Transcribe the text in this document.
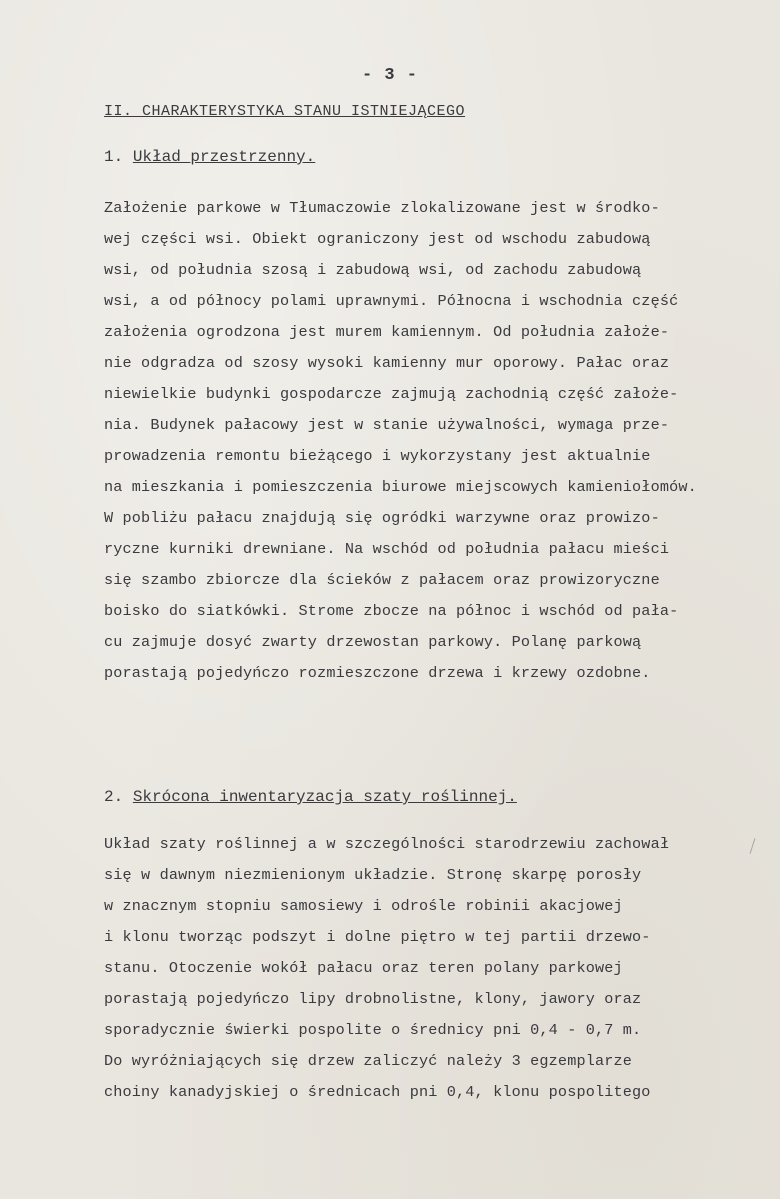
- 3 -
II. CHARAKTERYSTYKA STANU ISTNIEJĄCEGO
1. Układ przestrzenny.
Założenie parkowe w Tłumaczowie zlokalizowane jest w środko-
wej części wsi. Obiekt ograniczony jest od wschodu zabudową
wsi, od południa szosą i zabudową wsi, od zachodu zabudową
wsi, a od północy polami uprawnymi. Północna i wschodnia część
założenia ogrodzona jest murem kamiennym. Od południa założe-
nie odgradza od szosy wysoki kamienny mur oporowy. Pałac oraz
niewielkie budynki gospodarcze zajmują zachodnią część założe-
nia. Budynek pałacowy jest w stanie używalności, wymaga prze-
prowadzenia remontu bieżącego i wykorzystany jest aktualnie
na mieszkania i pomieszczenia biurowe miejscowych kamieniołomów.
W pobliżu pałacu znajdują się ogródki warzywne oraz prowizo-
ryczne kurniki drewniane. Na wschód od południa pałacu mieści
się szambo zbiorcze dla ścieków z pałacem oraz prowizoryczne
boisko do siatkówki. Strome zbocze na północ i wschód od pała-
cu zajmuje dosyć zwarty drzewostan parkowy. Polanę parkową
porastają pojedyńczo rozmieszczone drzewa i krzewy ozdobne.
2. Skrócona inwentaryzacja szaty roślinnej.
Układ szaty roślinnej a w szczególności starodrzewiu zachował
się w dawnym niezmienionym układzie. Stronę skarpę porosły
w znacznym stopniu samosiewy i odrośle robinii akacjowej
i klonu tworząc podszyt i dolne piętro w tej partii drzewo-
stanu. Otoczenie wokół pałacu oraz teren polany parkowej
porastają pojedyńczo lipy drobnolistne, klony, jawory oraz
sporadycznie świerki pospolite o średnicy pni 0,4 - 0,7 m.
Do wyróżniających się drzew zaliczyć należy 3 egzemplarze
choiny kanadyjskiej o średnicach pni 0,4, klonu pospolitego
